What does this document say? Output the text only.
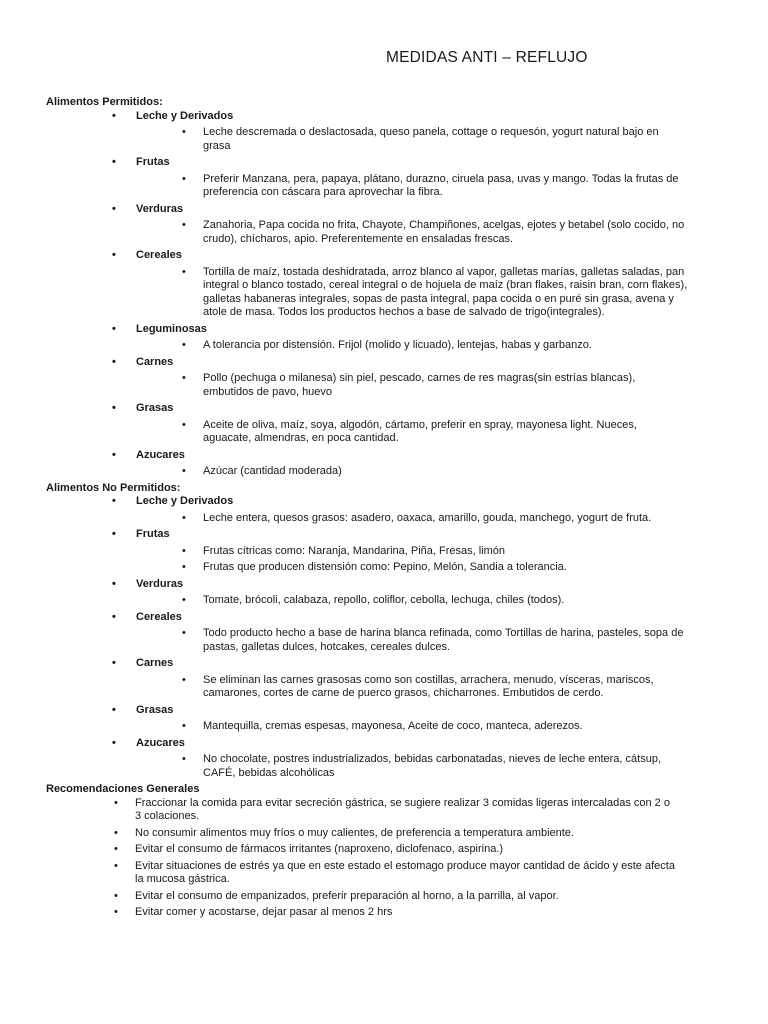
MEDIDAS ANTI – REFLUJO
Alimentos Permitidos:
• Leche y Derivados
• Leche descremada o deslactosada, queso panela, cottage o requesón, yogurt natural bajo en grasa
• Frutas
• Preferir Manzana, pera, papaya, plátano, durazno, ciruela pasa, uvas y mango. Todas la frutas de preferencia con cáscara para aprovechar la fibra.
• Verduras
• Zanahoria, Papa cocida no frita, Chayote, Champiñones, acelgas, ejotes y betabel (solo cocido, no crudo), chícharos, apio. Preferentemente en ensaladas frescas.
• Cereales
• Tortilla de maíz, tostada deshidratada, arroz blanco al vapor, galletas marías, galletas saladas, pan integral o blanco tostado, cereal integral o de hojuela de maíz (bran flakes, raisin bran, corn flakes), galletas habaneras integrales, sopas de pasta integral, papa cocida o en puré sin grasa, avena y atole de masa. Todos los productos hechos a base de salvado de trigo(integrales).
• Leguminosas
• A tolerancia por distensión. Frijol (molido y licuado), lentejas, habas y garbanzo.
• Carnes
• Pollo (pechuga o milanesa) sin piel, pescado, carnes de res magras(sin estrías blancas), embutidos de pavo, huevo
• Grasas
• Aceite de oliva, maíz, soya, algodón, cártamo, preferir en spray, mayonesa light. Nueces, aguacate, almendras, en poca cantidad.
• Azucares
• Azúcar (cantidad moderada)
Alimentos No Permitidos:
• Leche y Derivados
• Leche entera, quesos grasos: asadero, oaxaca, amarillo, gouda, manchego, yogurt de fruta.
• Frutas
• Frutas cítricas como: Naranja, Mandarina, Piña, Fresas, limón
• Frutas que producen distensión como: Pepino, Melón, Sandia a tolerancia.
• Verduras
• Tomate, brócoli, calabaza, repollo, coliflor, cebolla, lechuga, chiles (todos).
• Cereales
• Todo producto hecho a base de harina blanca refinada, como Tortillas de harina, pasteles, sopa de pastas, galletas dulces, hotcakes, cereales dulces.
• Carnes
• Se eliminan las carnes grasosas como son costillas, arrachera, menudo, vísceras, mariscos, camarones, cortes de carne de puerco grasos, chicharrones. Embutidos de cerdo.
• Grasas
• Mantequilla, cremas espesas, mayonesa, Aceite de coco, manteca, aderezos.
• Azucares
• No chocolate, postres industrializados, bebidas carbonatadas, nieves de leche entera, cátsup, CAFÉ, bebidas alcohólicas
Recomendaciones Generales
• Fraccionar la comida para evitar secreción gástrica, se sugiere realizar 3 comidas ligeras intercaladas con 2 o 3 colaciones.
• No consumir alimentos muy fríos o muy calientes, de preferencia a temperatura ambiente.
• Evitar el consumo de fármacos irritantes (naproxeno, diclofenaco, aspirina.)
• Evitar situaciones de estrés ya que en este estado el estomago produce mayor cantidad de ácido y este afecta la mucosa gástrica.
• Evitar el consumo de empanizados, preferir preparación al horno, a la parrilla, al vapor.
• Evitar comer y acostarse, dejar pasar al menos 2 hrs
